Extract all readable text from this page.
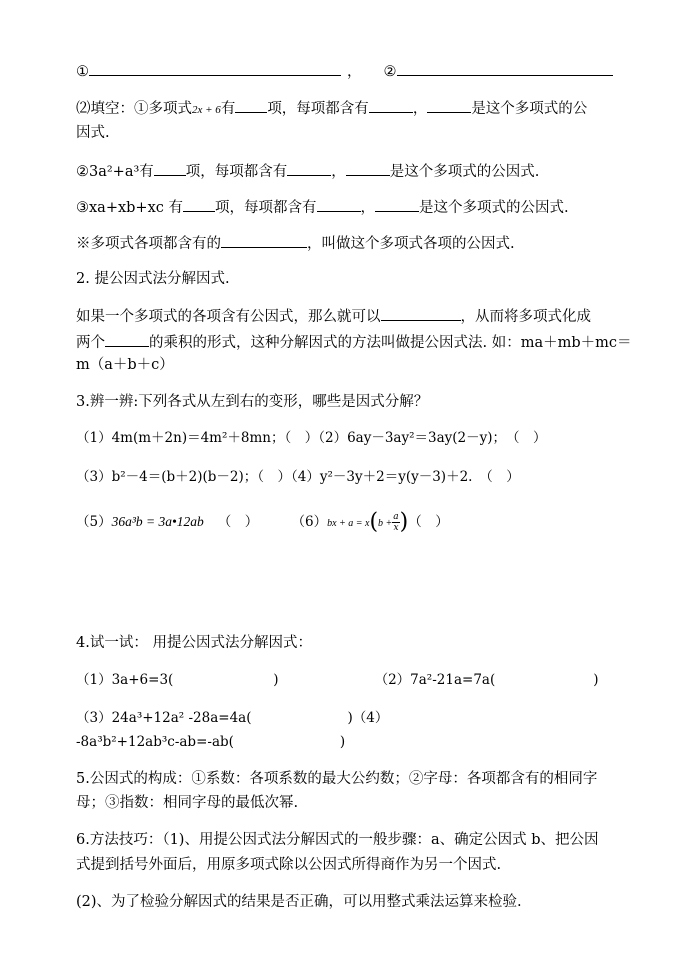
①	， ②
⑵填空：①多项式2x + 6有 项，每项都含有	，	是这个多项式的公
因式.
②3a²+a³有 项，每项都含有	，	是这个多项式的公因式.
③xa+xb+xc 有 项，每项都含有	，	是这个多项式的公因式.
※多项式各项都含有的	，叫做这个多项式各项的公因式.
2. 提公因式法分解因式.
如果一个多项式的各项含有公因式，那么就可以	，从而将多项式化成
两个	的乘积的形式，这种分解因式的方法叫做提公因式法. 如：ma＋mb＋mc＝
m（a＋b＋c）
3.辨一辨:下列各式从左到右的变形，哪些是因式分解？
（1）4m(m＋2n)＝4m²＋8mn；（　）（2）6ay－3ay²＝3ay(2－y)；　（　）
（3）b²－4＝(b＋2)(b－2)；（　）（4）y²－3y＋2＝y(y－3)＋2.　（　）
（5）36a³b = 3a•12ab （　）	$(6)bx + a = x(b + \frac{a}{x}$ )（　）
4.试一试： 用提公因式法分解因式：
（1）3a+6=3(	)	（2）7a²-21a=7a(	)
（3）24a³+12a² -28a=4a(	)（4）
-8a³b²+12ab³c-ab=-ab(	)
5.公因式的构成：①系数：各项系数的最大公约数；②字母：各项都含有的相同字
母；③指数：相同字母的最低次幂.
6.方法技巧：（1)、用提公因式法分解因式的一般步骤：a、确定公因式 b、把公因
式提到括号外面后，用原多项式除以公因式所得商作为另一个因式.
(2)、为了检验分解因式的结果是否正确，可以用整式乘法运算来检验.
